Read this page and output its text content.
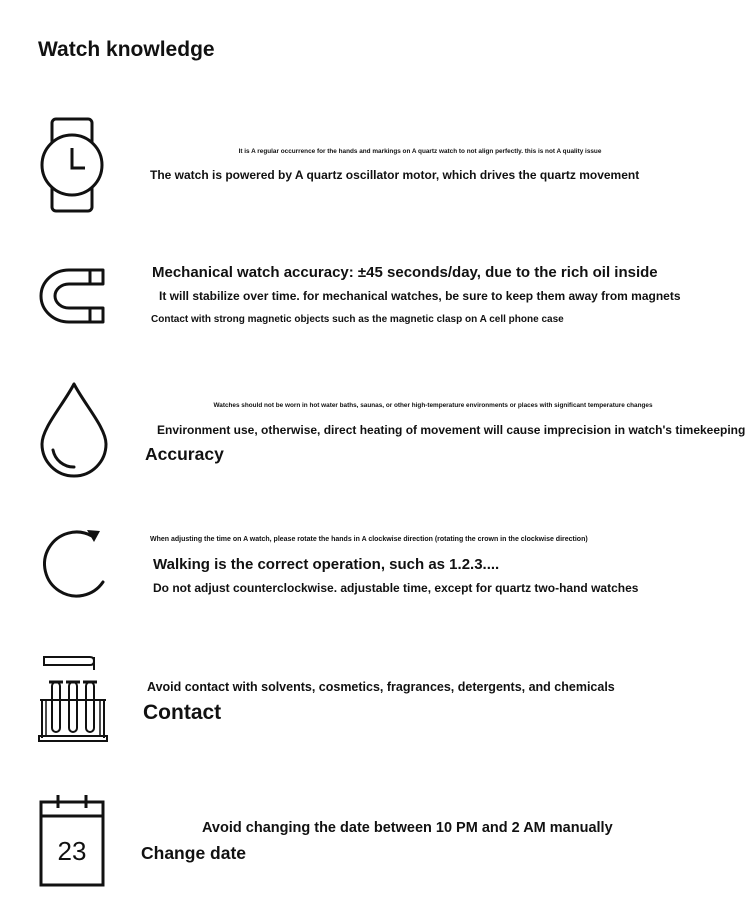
Watch knowledge
It is A regular occurrence for the hands and markings on A quartz watch to not align perfectly. this is not A quality issue
The watch is powered by A quartz oscillator motor, which drives the quartz movement
Mechanical watch accuracy: ±45 seconds/day, due to the rich oil inside
It will stabilize over time. for mechanical watches, be sure to keep them away from magnets
Contact with strong magnetic objects such as the magnetic clasp on A cell phone case
Watches should not be worn in hot water baths, saunas, or other high-temperature environments or places with significant temperature changes
Environment use, otherwise, direct heating of movement will cause imprecision in watch's timekeeping
Accuracy
When adjusting the time on A watch, please rotate the hands in A clockwise direction (rotating the crown in the clockwise direction)
Walking is the correct operation, such as 1.2.3....
Do not adjust counterclockwise. adjustable time, except for quartz two-hand watches
Avoid contact with solvents, cosmetics, fragrances, detergents, and chemicals
Contact
23
Avoid changing the date between 10 PM and 2 AM manually
Change date
